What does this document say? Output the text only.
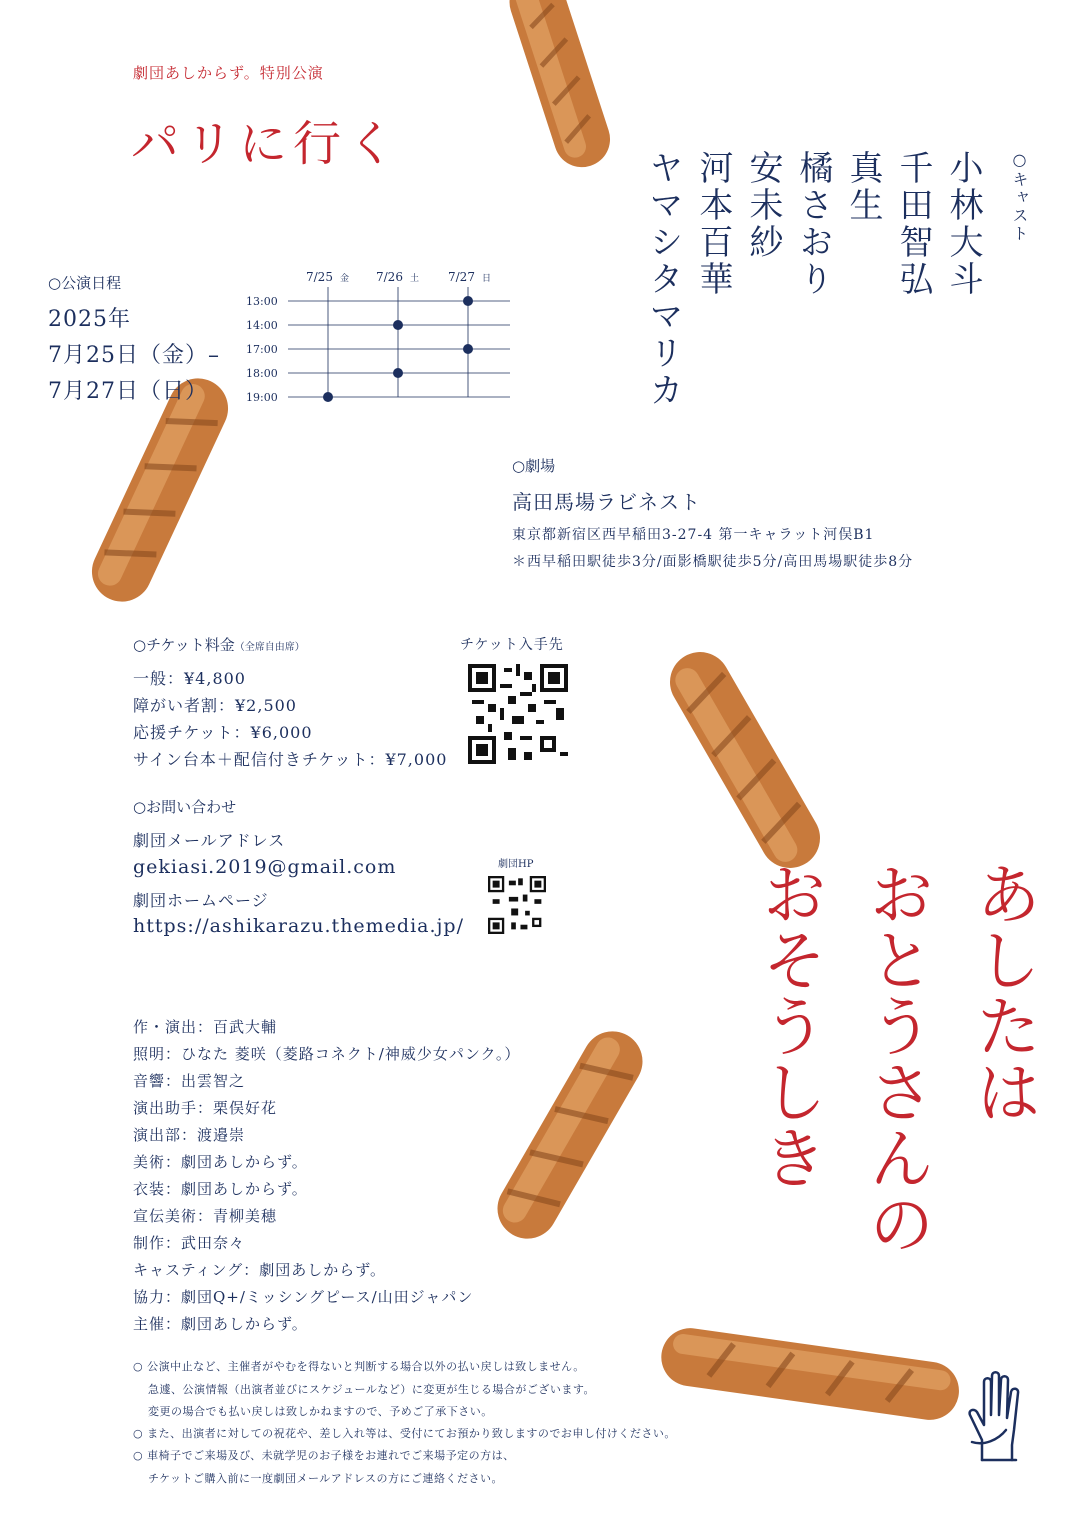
劇団あしからず。特別公演
パリに行く
○キャスト
小林大斗
千田智弘
真生
橘さおり
安未紗
河本百華
ヤマシタマリカ
○公演日程
2025年
7月25日（金）–
7月27日（日）
7/25 金 7/26 土 7/27 日
13:00
14:00
17:00
18:00
19:00
○劇場
高田馬場ラビネスト
東京都新宿区西早稲田3-27-4 第一キャラット河俣B1
＊西早稲田駅徒歩3分/面影橋駅徒歩5分/高田馬場駅徒歩8分
○チケット料金（全席自由席）
一般：¥4,800
障がい者割：¥2,500
応援チケット：¥6,000
サイン台本＋配信付きチケット：¥7,000
チケット入手先
○お問い合わせ
劇団メールアドレス
gekiasi.2019@gmail.com
劇団ホームページ
https://ashikarazu.themedia.jp/
劇団HP	あしたは
おとうさんの
おそうしき
作・演出：百武大輔
照明：ひなた 菱咲（菱路コネクト/神威少女パンク。）
音響：出雲智之
演出助手：栗俣好花
演出部：渡邉崇
美術：劇団あしからず。
衣装：劇団あしからず。
宣伝美術：青柳美穂
制作：武田奈々
キャスティング：劇団あしからず。
協力：劇団Q+/ミッシングピース/山田ジャパン
主催：劇団あしからず。
○ 公演中止など、主催者がやむを得ないと判断する場合以外の払い戻しは致しません。
急遽、公演情報（出演者並びにスケジュールなど）に変更が生じる場合がございます。
変更の場合でも払い戻しは致しかねますので、予めご了承下さい。
○ また、出演者に対しての祝花や、差し入れ等は、受付にてお預かり致しますのでお申し付けください。
○ 車椅子でご来場及び、未就学児のお子様をお連れでご来場予定の方は、
チケットご購入前に一度劇団メールアドレスの方にご連絡ください。
